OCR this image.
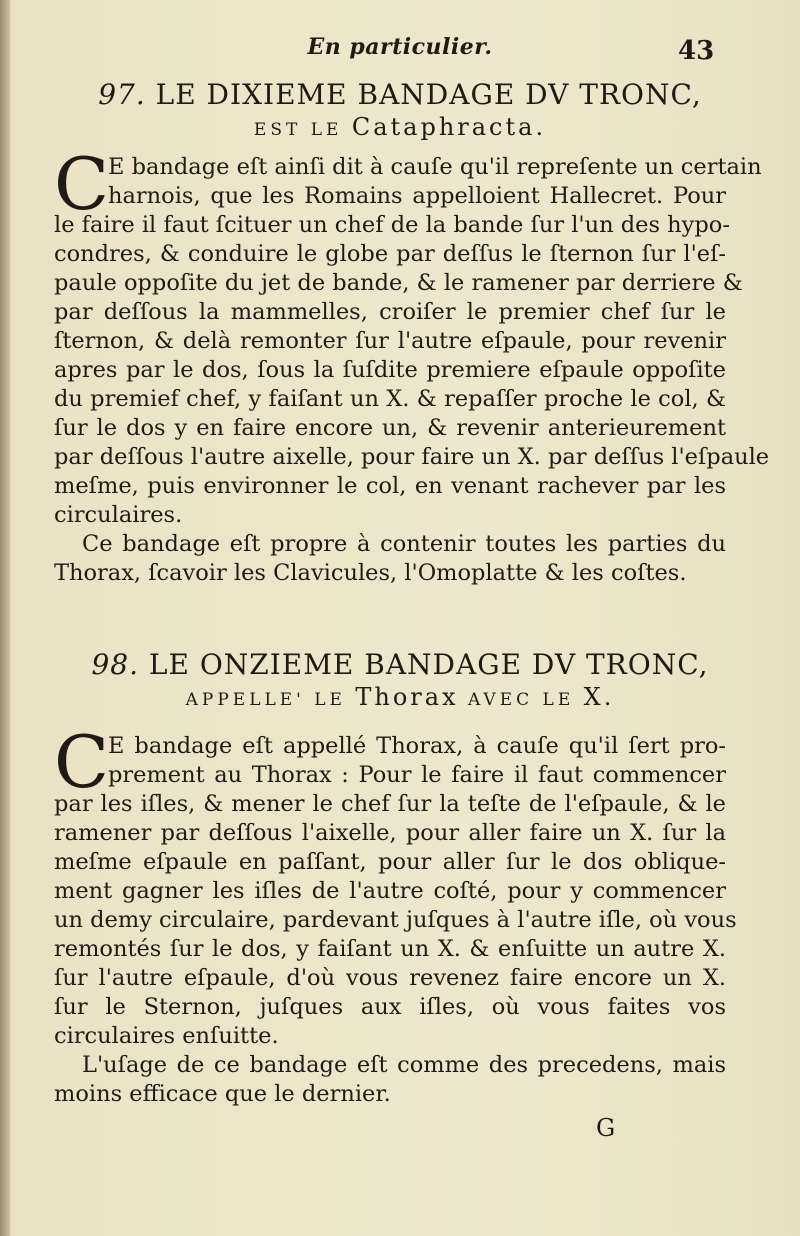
En particulier.	43
97. LE DIXIEME BANDAGE DV TRONC,
EST LE Cataphracta.
C
E bandage eſt ainſi dit à cauſe qu'il repreſente un certain
harnois, que les Romains appelloient Hallecret. Pour
le faire il faut ſcituer un chef de la bande ſur l'un des hypo-
condres, & conduire le globe par deſſus le ſternon ſur l'eſ-
paule oppoſite du jet de bande, & le ramener par derriere &
par deſſous la mammelles, croiſer le premier chef ſur le
ſternon, & delà remonter ſur l'autre eſpaule, pour revenir
apres par le dos, ſous la ſuſdite premiere eſpaule oppoſite
du premief chef, y faiſant un X. & repaſſer proche le col, &
ſur le dos y en faire encore un, & revenir anterieurement
par deſſous l'autre aixelle, pour faire un X. par deſſus l'eſpaule
meſme, puis environner le col, en venant rachever par les
circulaires.
Ce bandage eſt propre à contenir toutes les parties du
Thorax, ſcavoir les Clavicules, l'Omoplatte & les coſtes.
98. LE ONZIEME BANDAGE DV TRONC,
APPELLE' LE Thorax AVEC LE X.
C
E bandage eſt appellé Thorax, à cauſe qu'il ſert pro-
prement au Thorax : Pour le faire il faut commencer
par les iſles, & mener le chef ſur la teſte de l'eſpaule, & le
ramener par deſſous l'aixelle, pour aller faire un X. ſur la
meſme eſpaule en paſſant, pour aller ſur le dos oblique-
ment gagner les iſles de l'autre coſté, pour y commencer
un demy circulaire, pardevant juſques à l'autre iſle, où vous
remontés ſur le dos, y faiſant un X. & enſuitte un autre X.
ſur l'autre eſpaule, d'où vous revenez faire encore un X.
ſur le Sternon, juſques aux iſles, où vous faites vos
circulaires enſuitte.
L'uſage de ce bandage eſt comme des precedens, mais
moins efficace que le dernier.
G
